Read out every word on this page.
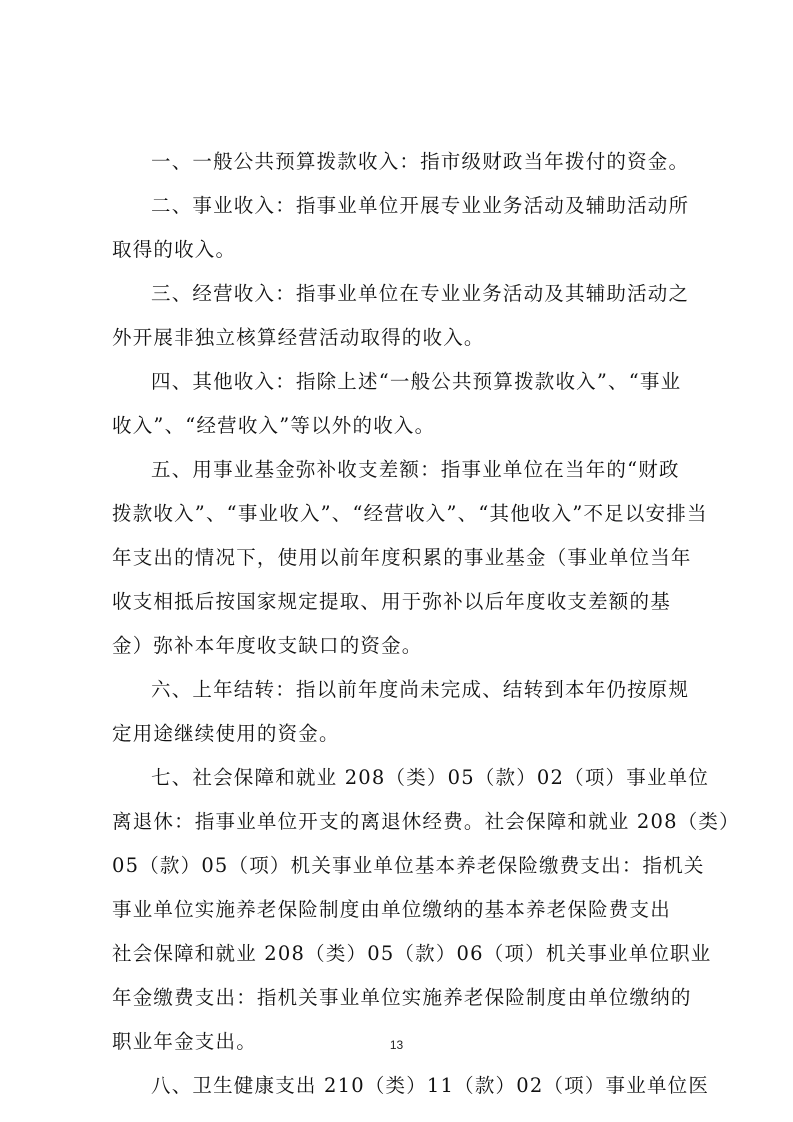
一、一般公共预算拨款收入：指市级财政当年拨付的资金。

二、事业收入：指事业单位开展专业业务活动及辅助活动所
取得的收入。

三、经营收入：指事业单位在专业业务活动及其辅助活动之
外开展非独立核算经营活动取得的收入。

四、其他收入：指除上述“一般公共预算拨款收入”、“事业
收入”、“经营收入”等以外的收入。

五、用事业基金弥补收支差额：指事业单位在当年的“财政
拨款收入”、“事业收入”、“经营收入”、“其他收入”不足以安排当
年支出的情况下，使用以前年度积累的事业基金（事业单位当年
收支相抵后按国家规定提取、用于弥补以后年度收支差额的基
金）弥补本年度收支缺口的资金。

六、上年结转：指以前年度尚未完成、结转到本年仍按原规
定用途继续使用的资金。

七、社会保障和就业 208（类）05（款）02（项）事业单位
离退休：指事业单位开支的离退休经费。社会保障和就业 208（类）
05（款）05（项）机关事业单位基本养老保险缴费支出：指机关
事业单位实施养老保险制度由单位缴纳的基本养老保险费支出
社会保障和就业 208（类）05（款）06（项）机关事业单位职业
年金缴费支出：指机关事业单位实施养老保险制度由单位缴纳的
职业年金支出。

八、卫生健康支出 210（类）11（款）02（项）事业单位医

13
